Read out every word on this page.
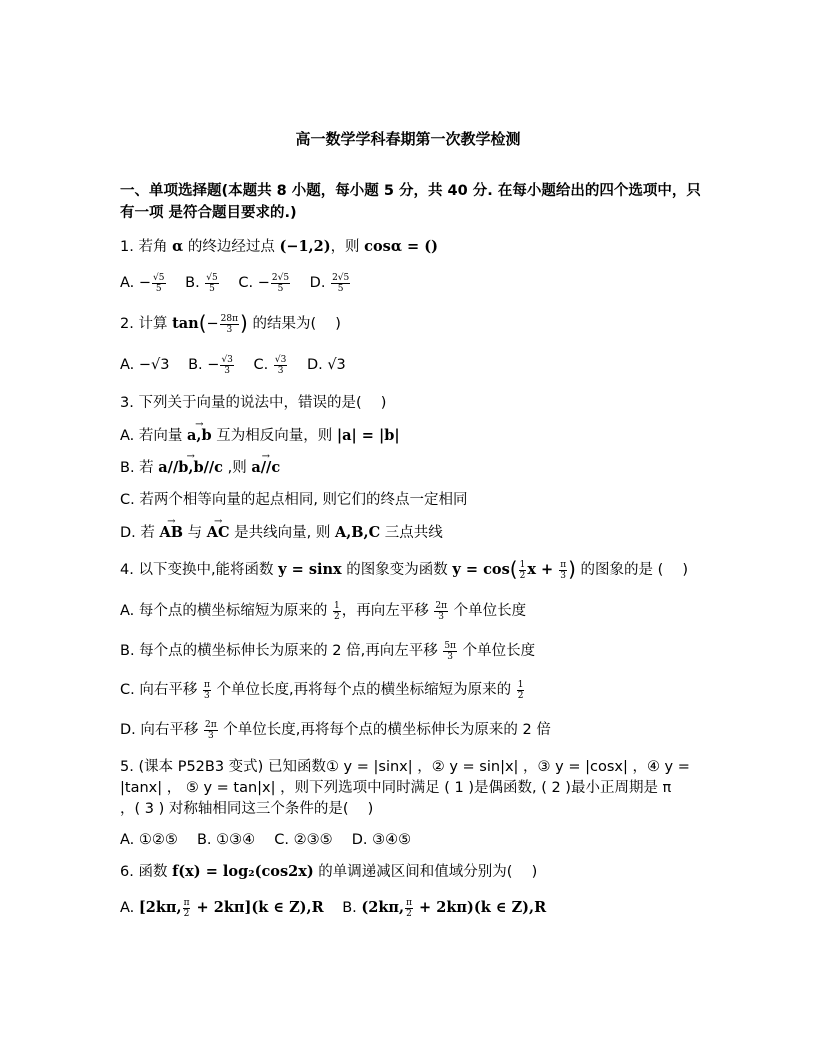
高一数学学科春期第一次教学检测
一、单项选择题(本题共 8 小题，每小题 5 分，共 40 分. 在每小题给出的四个选项中，只有一项 是符合题目要求的.)
1. 若角 α 的终边经过点 (−1,2)，则 cosα = ()
A. − $\frac{√5}{5} B$. $\frac{√5}{5} C$. − $\frac{2√5}{5} D$. $\frac{2√5}{5}$
2. 计算 $\tan(- \frac{28\pi}{3}$ ) 的结果为(　 )
A. −√3 B. − $\frac{√3}{3} C$. $\frac{√3}{3} D$. √3
3. 下列关于向量的说法中，错误的是(　 )
A. 若向量 → a,b 互为相反向量，则 |a| = |b|
B. 若 → a//b,b//c ,则 → a//c
C. 若两个相等向量的起点相同, 则它们的终点一定相同
D. 若 → AB 与 → AC 是共线向量, 则 A,B,C 三点共线
4. 以下变换中,能将函数 y = sinx 的图象变为函数 $y = \cos( \frac{1}{2}$ $x + \frac{\pi}{3}$ ) 的图象的是 (　 )
A. 每个点的横坐标缩短为原来的 $\frac{1}{2}$ ，再向左平移 $\frac{2\pi}{3}$ 个单位长度
B. 每个点的横坐标伸长为原来的 2 倍,再向左平移 $\frac{5\pi}{3}$ 个单位长度
C. 向右平移 $\frac{\pi}{3}$ 个单位长度,再将每个点的横坐标缩短为原来的 $\frac{1}{2}$
D. 向右平移 $\frac{2\pi}{3}$ 个单位长度,再将每个点的横坐标伸长为原来的 2 倍
5. (课本 P52B3 变式) 已知函数① y = |sinx| ，② y = sin|x| ，③ y = |cosx| ，④ y =
|tanx| ， ⑤ y = tan|x| ，则下列选项中同时满足 ( 1 )是偶函数, ( 2 )最小正周期是 π
，( 3 ) 对称轴相同这三个条件的是(　 )
A. ①②⑤　 B. ①③④　 C. ②③⑤　 D. ③④⑤
6. 函数 f(x) = log₂(cos2x) 的单调递减区间和值域分别为(　 )
A. [2kπ, $\frac{\pi}{2} + 2k\pi](k$ ∈ Z),R B. (2kπ, $\frac{\pi}{2} + 2k\pi)(k$ ∈ Z),R
